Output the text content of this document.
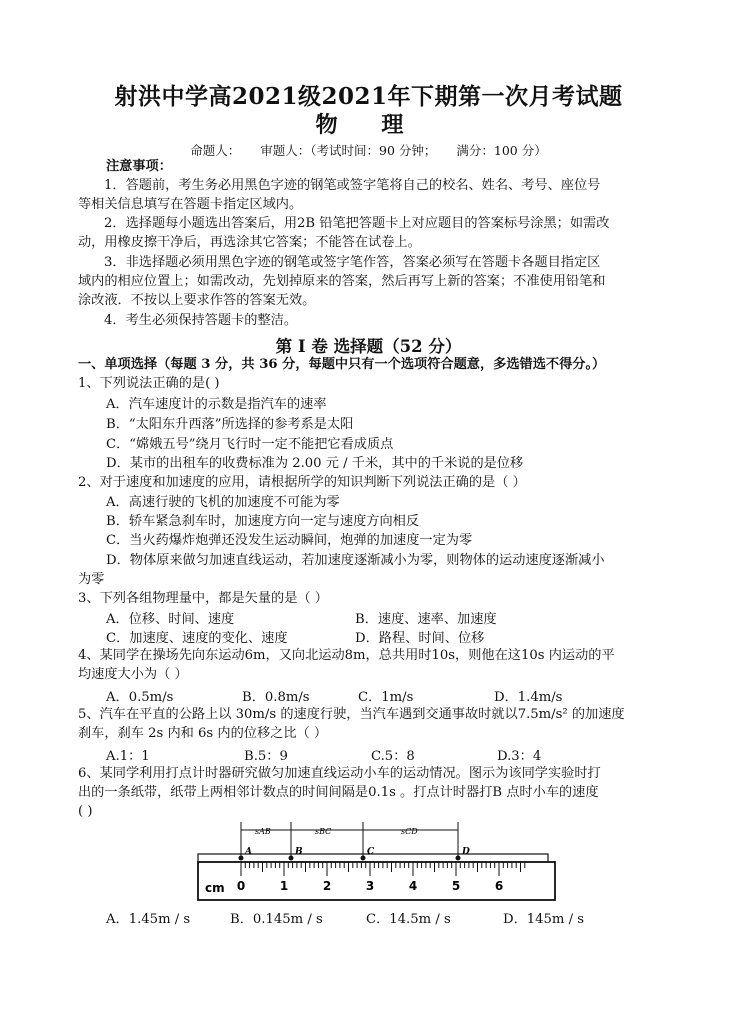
射洪中学高2021级2021年下期第一次月考试题
物 理
命题人： 审题人：（考试时间：90 分钟； 满分：100 分）
注意事项：
1．答题前，考生务必用黑色字迹的钢笔或签字笔将自己的校名、姓名、考号、座位号
等相关信息填写在答题卡指定区域内。
2．选择题每小题选出答案后，用2B 铅笔把答题卡上对应题目的答案标号涂黑；如需改
动，用橡皮擦干净后，再选涂其它答案；不能答在试卷上。
3．非选择题必须用黑色字迹的钢笔或签字笔作答，答案必须写在答题卡各题目指定区
域内的相应位置上；如需改动，先划掉原来的答案，然后再写上新的答案；不准使用铅笔和
涂改液．不按以上要求作答的答案无效。
4．考生必须保持答题卡的整洁。
第 I 卷 选择题（52 分）
一、单项选择（每题 3 分，共 36 分，每题中只有一个选项符合题意，多选错选不得分。）
1、下列说法正确的是( )
A．汽车速度计的示数是指汽车的速率
B．“太阳东升西落”所选择的参考系是太阳
C．“嫦娥五号”绕月飞行时一定不能把它看成质点
D．某市的出租车的收费标准为 2.00 元 / 千米，其中的千米说的是位移
2、对于速度和加速度的应用，请根据所学的知识判断下列说法正确的是（ ）
A．高速行驶的飞机的加速度不可能为零
B．轿车紧急刹车时，加速度方向一定与速度方向相反
C．当火药爆炸炮弹还没发生运动瞬间，炮弹的加速度一定为零
D．物体原来做匀加速直线运动，若加速度逐渐减小为零，则物体的运动速度逐渐减小
为零
3、下列各组物理量中，都是矢量的是（ ）
A．位移、时间、速度	B．速度、速率、加速度
C．加速度、速度的变化、速度	D．路程、时间、位移
4、某同学在操场先向东运动6m，又向北运动8m，总共用时10s，则他在这10s 内运动的平
均速度大小为（ ）
A．0.5m/s	B．0.8m/s	C．1m/s	D．1.4m/s
5、汽车在平直的公路上以 30m/s 的速度行驶，当汽车遇到交通事故时就以7.5m/s² 的加速度
刹车，刹车 2s 内和 6s 内的位移之比（ ）
A.1：1	B.5：9	C.5：8	D.3：4
6、某同学利用打点计时器研究做匀加速直线运动小车的运动情况。图示为该同学实验时打
出的一条纸带，纸带上两相邻计数点的时间间隔是0.1s 。打点计时器打B 点时小车的速度
( )
sAB	sBC	sCD
A	B	C	D
0	1	2	3	4	5	6
cm
A．1.45m / s	B．0.145m / s	C．14.5m / s	D．145m / s
